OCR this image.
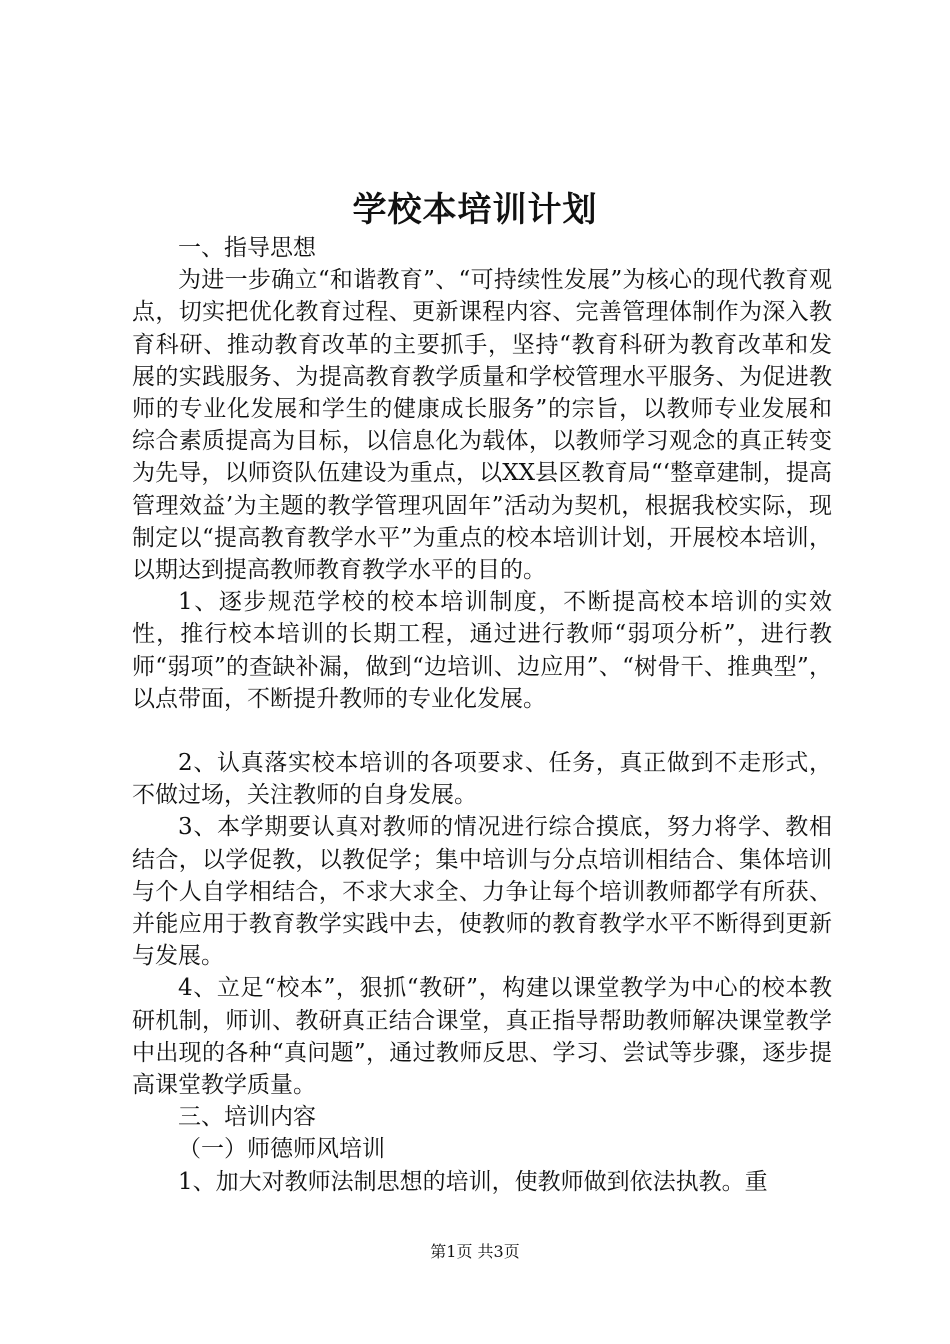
学校本培训计划

一、指导思想

为进一步确立“和谐教育”、“可持续性发展”为核心的现代教育观点，切实把优化教育过程、更新课程内容、完善管理体制作为深入教育科研、推动教育改革的主要抓手，坚持“教育科研为教育改革和发展的实践服务、为提高教育教学质量和学校管理水平服务、为促进教师的专业化发展和学生的健康成长服务”的宗旨，以教师专业发展和综合素质提高为目标，以信息化为载体，以教师学习观念的真正转变为先导，以师资队伍建设为重点，以XX县区教育局“‘整章建制，提高管理效益’为主题的教学管理巩固年”活动为契机，根据我校实际，现制定以“提高教育教学水平”为重点的校本培训计划，开展校本培训，以期达到提高教师教育教学水平的目的。

1、逐步规范学校的校本培训制度，不断提高校本培训的实效性，推行校本培训的长期工程，通过进行教师“弱项分析”，进行教师“弱项”的查缺补漏，做到“边培训、边应用”、“树骨干、推典型”，以点带面，不断提升教师的专业化发展。

2、认真落实校本培训的各项要求、任务，真正做到不走形式，不做过场，关注教师的自身发展。

3、本学期要认真对教师的情况进行综合摸底，努力将学、教相结合，以学促教，以教促学；集中培训与分点培训相结合、集体培训与个人自学相结合，不求大求全、力争让每个培训教师都学有所获、并能应用于教育教学实践中去，使教师的教育教学水平不断得到更新与发展。

4、立足“校本”，狠抓“教研”，构建以课堂教学为中心的校本教研机制，师训、教研真正结合课堂，真正指导帮助教师解决课堂教学中出现的各种“真问题”，通过教师反思、学习、尝试等步骤，逐步提高课堂教学质量。

三、培训内容

（一）师德师风培训

1、加大对教师法制思想的培训，使教师做到依法执教。重

第1页 共3页
